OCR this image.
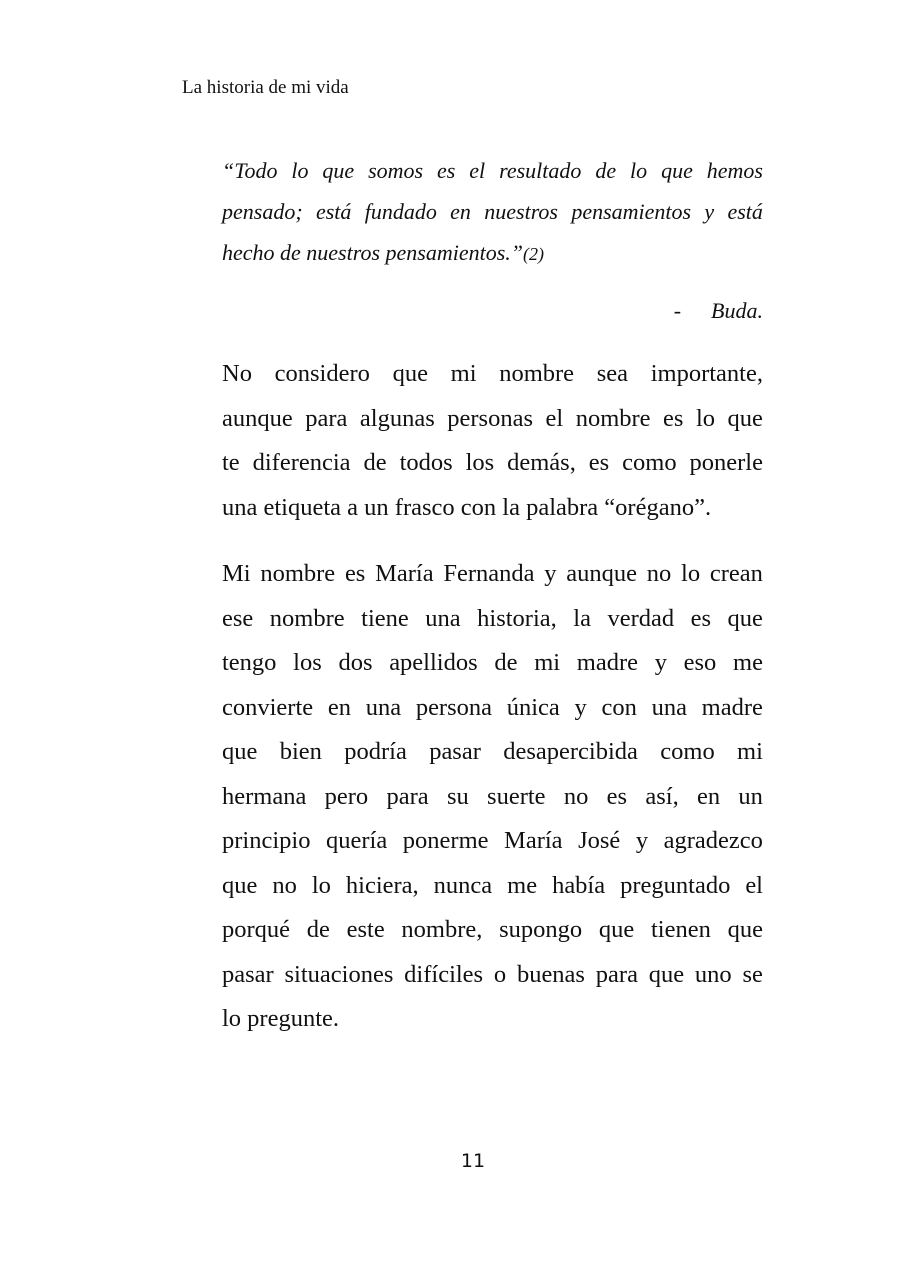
La historia de mi vida
“Todo lo que somos es el resultado de lo que hemos
pensado; está fundado en nuestros pensamientos y está
hecho de nuestros pensamientos.”(2)
- Buda.
No considero que mi nombre sea importante,
aunque para algunas personas el nombre es lo que
te diferencia de todos los demás, es como ponerle
una etiqueta a un frasco con la palabra “orégano”.
Mi nombre es María Fernanda y aunque no lo crean
ese nombre tiene una historia, la verdad es que
tengo los dos apellidos de mi madre y eso me
convierte en una persona única y con una madre
que bien podría pasar desapercibida como mi
hermana pero para su suerte no es así, en un
principio quería ponerme María José y agradezco
que no lo hiciera, nunca me había preguntado el
porqué de este nombre, supongo que tienen que
pasar situaciones difíciles o buenas para que uno se
lo pregunte.
11
